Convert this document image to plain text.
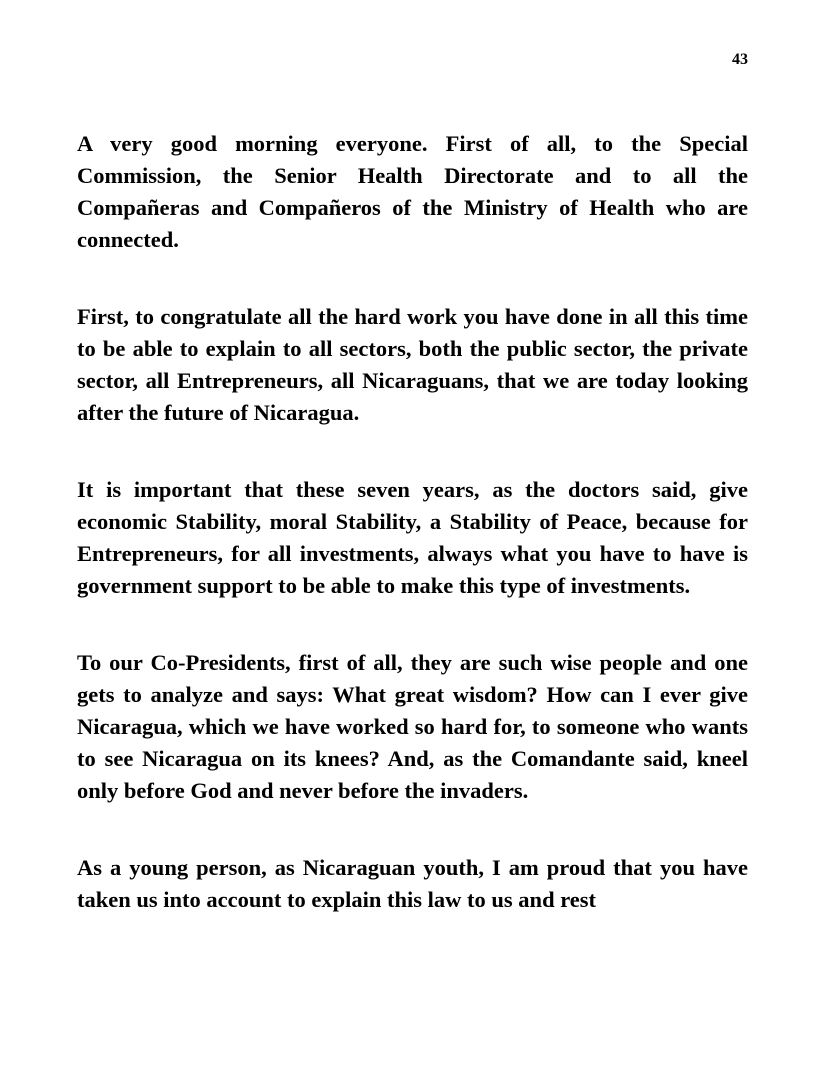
43

A very good morning everyone. First of all, to the Special Commission, the Senior Health Directorate and to all the Compañeras and Compañeros of the Ministry of Health who are connected.

First, to congratulate all the hard work you have done in all this time to be able to explain to all sectors, both the public sector, the private sector, all Entrepreneurs, all Nicaraguans, that we are today looking after the future of Nicaragua.

It is important that these seven years, as the doctors said, give economic Stability, moral Stability, a Stability of Peace, because for Entrepreneurs, for all investments, always what you have to have is government support to be able to make this type of investments.

To our Co-Presidents, first of all, they are such wise people and one gets to analyze and says: What great wisdom? How can I ever give Nicaragua, which we have worked so hard for, to someone who wants to see Nicaragua on its knees? And, as the Comandante said, kneel only before God and never before the invaders.

As a young person, as Nicaraguan youth, I am proud that you have taken us into account to explain this law to us and rest
